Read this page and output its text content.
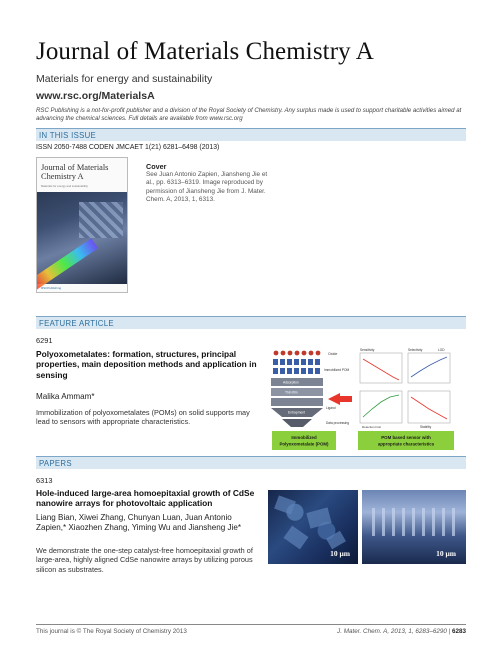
Journal of Materials Chemistry A
Materials for energy and sustainability
www.rsc.org/MaterialsA
RSC Publishing is a not-for-profit publisher and a division of the Royal Society of Chemistry. Any surplus made is used to support charitable activities aimed at advancing the chemical sciences. Full details are available from www.rsc.org
IN THIS ISSUE
ISSN 2050-7488 CODEN JMCAET 1(21) 6281–6498 (2013)
Journal of Materials Chemistry A
Materials for energy and sustainability
RSCPublishing
Cover
See Juan Antonio Zapien, Jiansheng Jie et al., pp. 6313–6319. Image reproduced by permission of Jiansheng Jie from J. Mater. Chem. A, 2013, 1, 6313.
FEATURE ARTICLE
6291
Polyoxometalates: formation, structures, principal properties, main deposition methods and application in sensing
Malika Ammam*
Immobilization of polyoxometalates (POMs) on solid supports may lead to sensors with appropriate characteristics.
Oxide
Immobilized POM
Adsorption
Thin film
Ligand
Entrapment
Data processing
Sensitivity	Selectivity	LOD
Detection limit	Stability
Immobilized
Polyoxometalate (POM)
POM based sensor with
appropriate characteristics
PAPERS
6313
Hole-induced large-area homoepitaxial growth of CdSe nanowire arrays for photovoltaic application
Liang Bian, Xiwei Zhang, Chunyan Luan, Juan Antonio Zapien,* Xiaozhen Zhang, Yiming Wu and Jiansheng Jie*
We demonstrate the one-step catalyst-free homoepitaxial growth of large-area, highly aligned CdSe nanowire arrays by utilizing porous silicon as substrates.
10 μm	10 μm
This journal is © The Royal Society of Chemistry 2013	J. Mater. Chem. A, 2013, 1, 6283–6290 | 6283
